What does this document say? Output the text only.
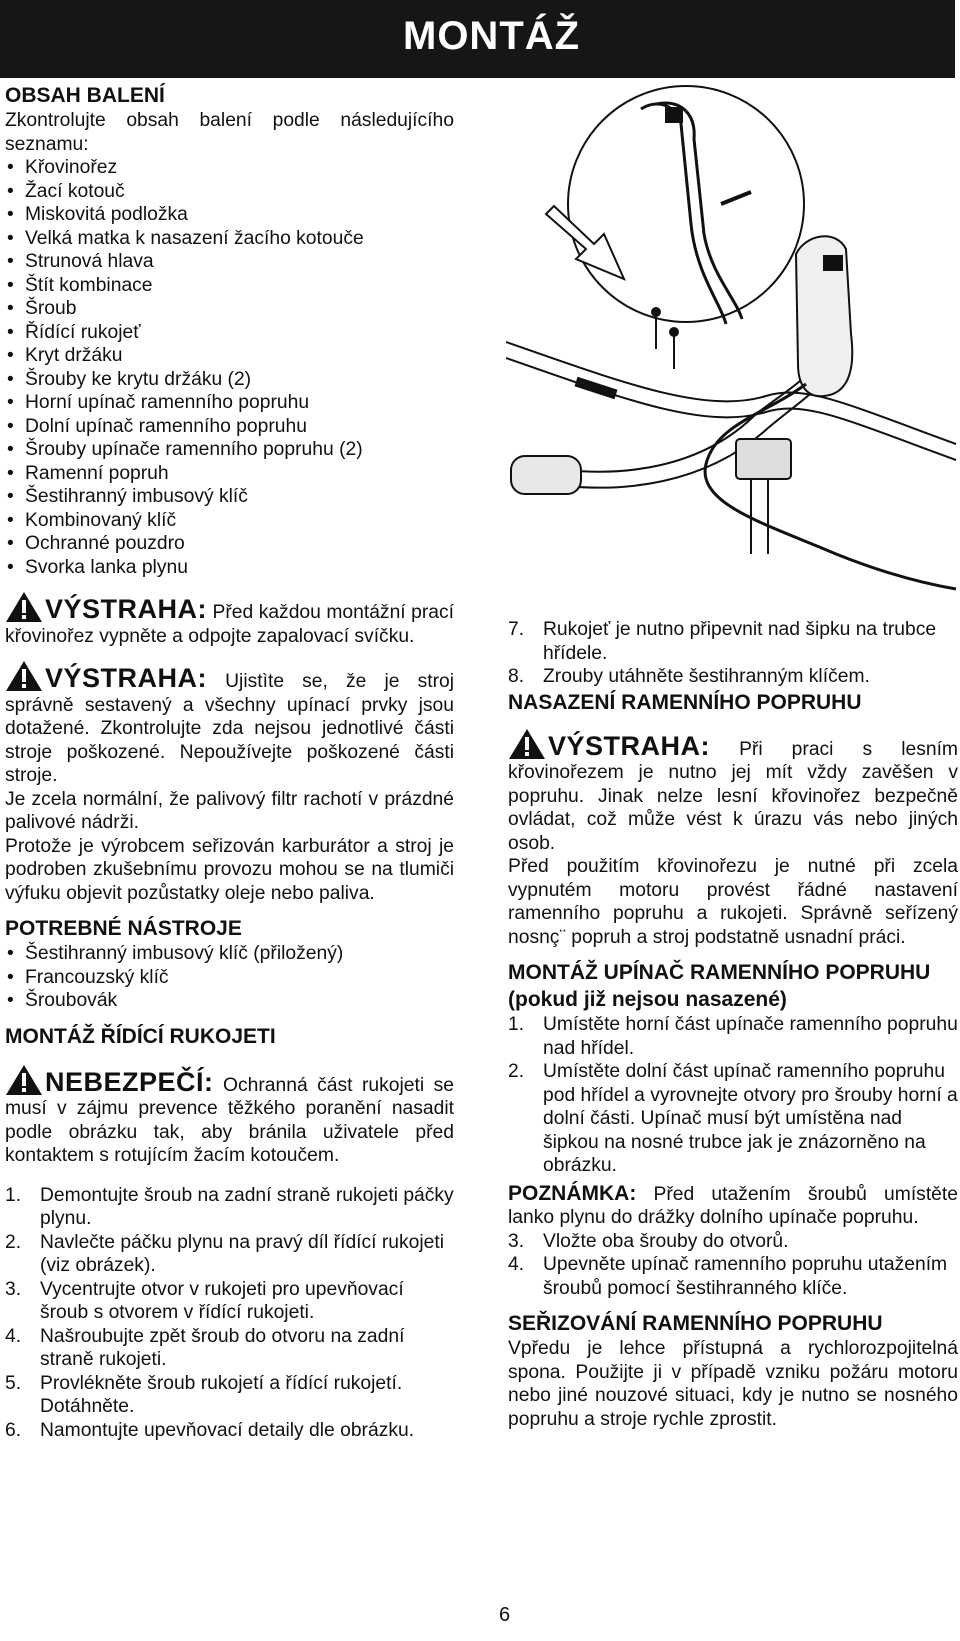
MONTÁŽ
OBSAH BALENÍ

Zkontrolujte obsah balení podle následujícího seznamu:

• Křovinořez
• Žací kotouč
• Miskovitá podložka
• Velká matka k nasazení žacího kotouče
• Strunová hlava
• Štít kombinace
• Šroub
• Řídící rukojeť
• Kryt držáku
• Šrouby ke krytu držáku (2)
• Horní upínač ramenního popruhu
• Dolní upínač ramenního popruhu
• Šrouby upínače ramenního popruhu (2)
• Ramenní popruh
• Šestihranný imbusový klíč
• Kombinovaný klíč
• Ochranné pouzdro
• Svorka lanka plynu

VÝSTRAHA: Před každou montážní prací křovinořez vypněte a odpojte zapalovací svíčku.

VÝSTRAHA: Ujistìte se, že je stroj správně sestavený a všechny upínací prvky jsou dotažené. Zkontrolujte zda nejsou jednotlivé části stroje poškozené. Nepoužívejte poškozené části stroje.

Je zcela normální, že palivový filtr rachotí v prázdné palivové nádrži.

Protože je výrobcem seřizován karburátor a stroj je podroben zkušebnímu provozu mohou se na tlumiči výfuku objevit pozůstatky oleje nebo paliva.

POTREBNÉ NÁSTROJE
• Šestihranný imbusový klíč (přiložený)
• Francouzský klíč
• Šroubovák
MONTÁŽ ŘÍDÍCÍ RUKOJETI

NEBEZPEČÍ: Ochranná část rukojeti se musí v zájmu prevence těžkého poranění nasadit podle obrázku tak, aby bránila uživatele před kontaktem s rotujícím žacím kotoučem.

1. Demontujte šroub na zadní straně rukojeti páčky plynu.
2. Navlečte páčku plynu na pravý díl řídící rukojeti (viz obrázek).
3. Vycentrujte otvor v rukojeti pro upevňovací šroub s otvorem v řídící rukojeti.
4. Našroubujte zpět šroub do otvoru na zadní straně rukojeti.
5. Provlékněte šroub rukojetí a řídící rukojetí. Dotáhněte.
6. Namontujte upevňovací detaily dle obrázku.
7. Rukojeť je nutno připevnit nad šipku na trubce hřídele.
8. Zrouby utáhněte šestihranným klíčem.
NASAZENÍ RAMENNÍHO POPRUHU

VÝSTRAHA: Při praci s lesním křovinořezem je nutno jej mít vždy zavěšen v popruhu. Jinak nelze lesní křovinořez bezpečně ovládat, což může vést k úrazu vás nebo jiných osob.

Před použitím křovinořezu je nutné při zcela vypnutém motoru provést řádné nastavení ramenního popruhu a rukojeti. Správně seřízený nosnç¨ popruh a stroj podstatně usnadní práci.

MONTÁŽ UPÍNAČ RAMENNÍHO POPRUHU (pokud již nejsou nasazené)
1. Umístěte horní část upínače ramenního popruhu nad hřídel.
2. Umístěte dolní část upínač ramenního popruhu pod hřídel a vyrovnejte otvory pro šrouby horní a dolní části. Upínač musí být umístěna nad šipkou na nosné trubce jak je znázorněno na obrázku.

POZNÁMKA: Před utažením šroubů umístěte lanko plynu do drážky dolního upínače popruhu.

3. Vložte oba šrouby do otvorů.
4. Upevněte upínač ramenního popruhu utažením šroubů pomocí šestihranného klíče.
SEŘIZOVÁNÍ RAMENNÍHO POPRUHU

Vpředu je lehce přístupná a rychlorozpojitelná spona. Použijte ji v případě vzniku požáru motoru nebo jiné nouzové situaci, kdy je nutno se nosného popruhu a stroje rychle zprostit.

6
